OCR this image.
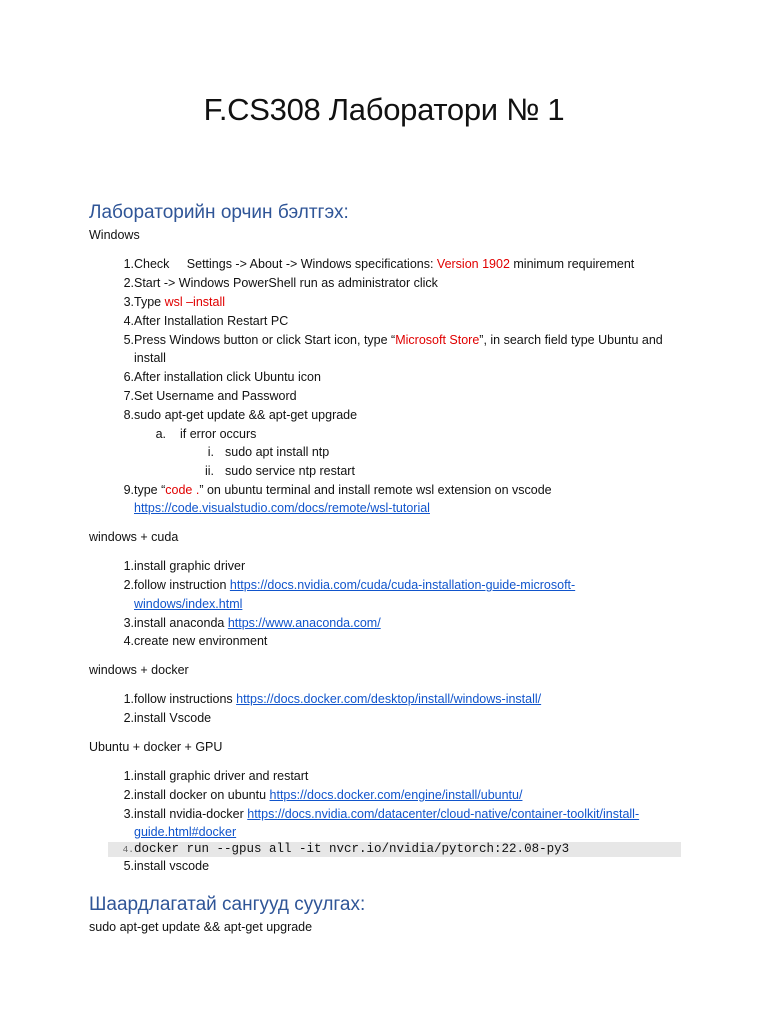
F.CS308 Лаборатори № 1
Лабораторийн орчин бэлтгэх:
Windows
1. Check     Settings -> About -> Windows specifications: Version 1902 minimum requirement
2. Start -> Windows PowerShell run as administrator click
3. Type wsl –install
4. After Installation Restart PC
5. Press Windows button or click Start icon, type “Microsoft Store”, in search field type Ubuntu and
install
6. After installation click Ubuntu icon
7. Set Username and Password
8. sudo apt-get update && apt-get upgrade
a. if error occurs
i. sudo apt install ntp
ii. sudo service ntp restart
9. type “code .” on ubuntu terminal and install remote wsl extension on vscode
https://code.visualstudio.com/docs/remote/wsl-tutorial
windows + cuda
1. install graphic driver
2. follow instruction https://docs.nvidia.com/cuda/cuda-installation-guide-microsoft-
windows/index.html
3. install anaconda https://www.anaconda.com/
4. create new environment
windows + docker
1. follow instructions https://docs.docker.com/desktop/install/windows-install/
2. install Vscode
Ubuntu + docker + GPU
1. install graphic driver and restart
2. install docker on ubuntu https://docs.docker.com/engine/install/ubuntu/
3. install nvidia-docker https://docs.nvidia.com/datacenter/cloud-native/container-toolkit/install-
guide.html#docker
4. docker run --gpus all -it nvcr.io/nvidia/pytorch:22.08-py3
5. install vscode
Шаардлагатай сангууд суулгах:
sudo apt-get update && apt-get upgrade
